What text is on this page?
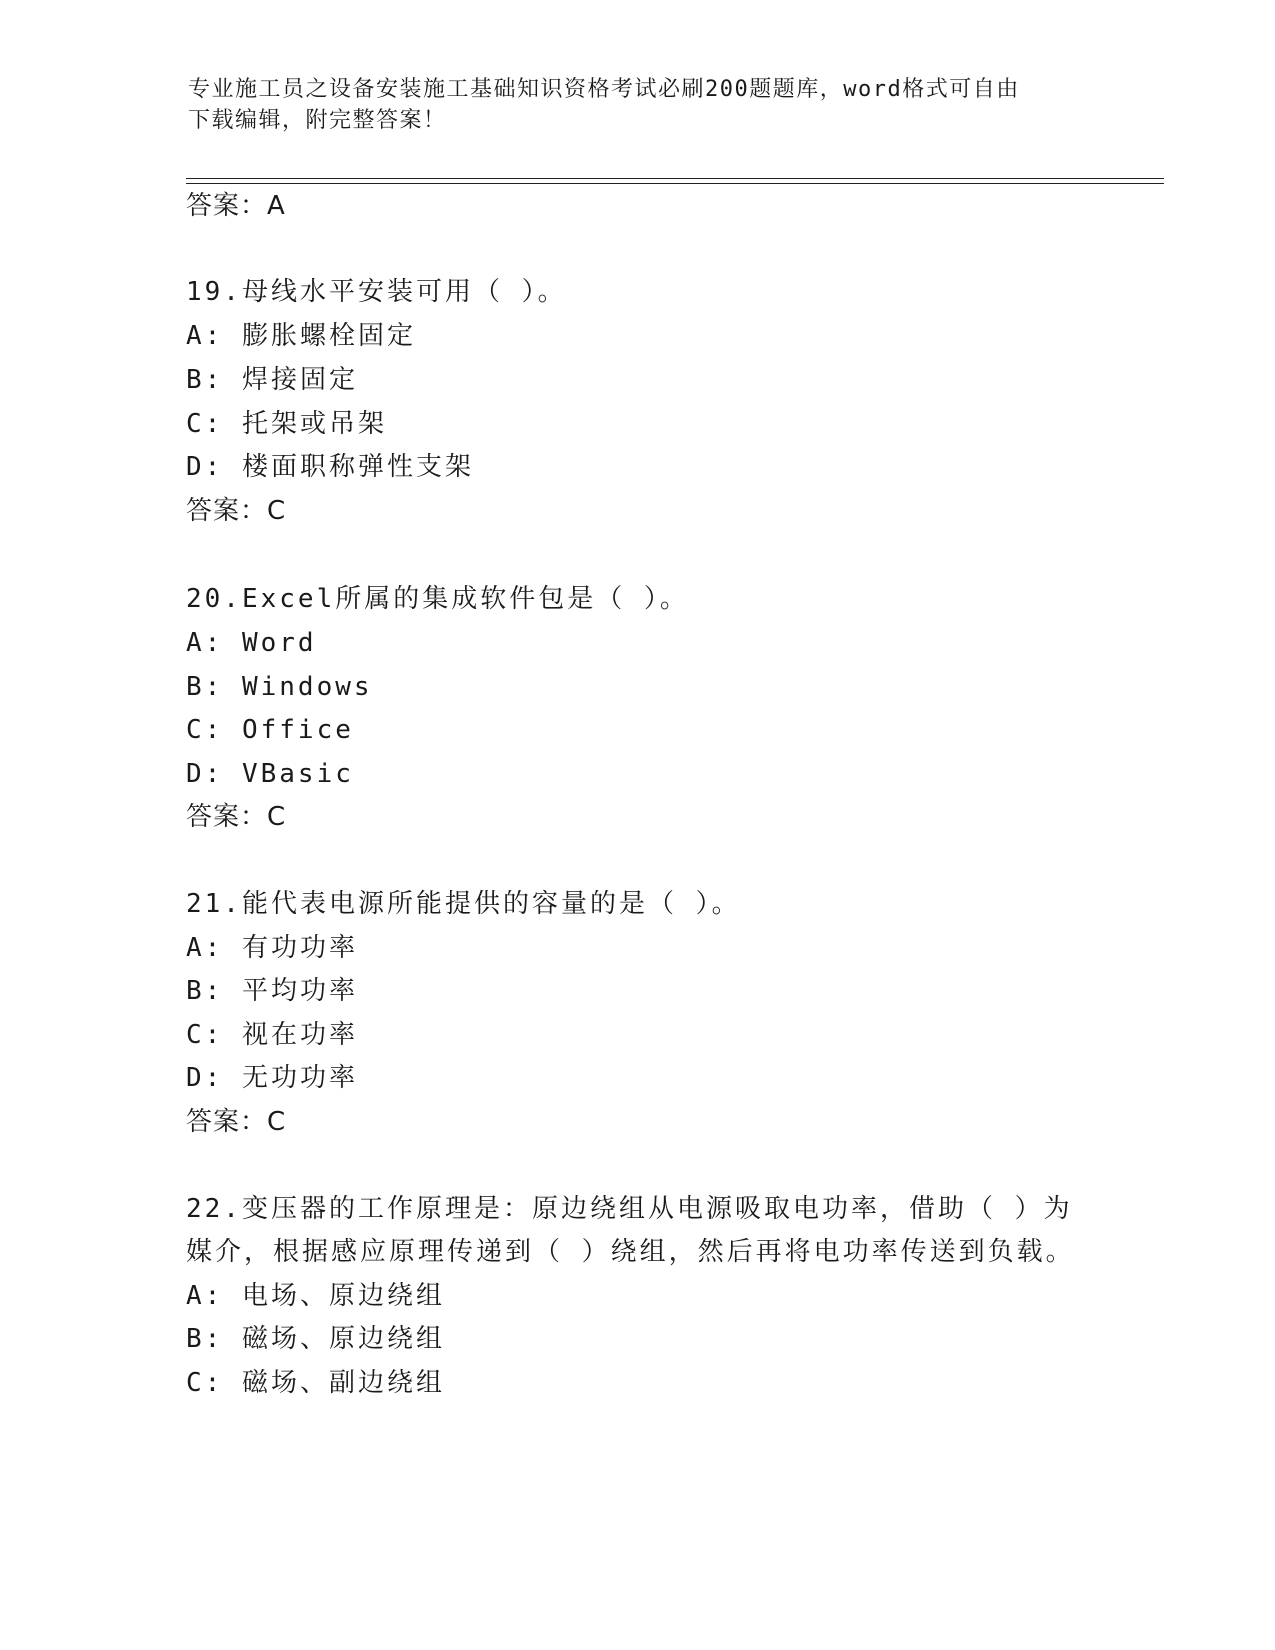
专业施工员之设备安装施工基础知识资格考试必刷200题题库，word格式可自由
下载编辑，附完整答案！
答案：A
19.母线水平安装可用（ ）。
A: 膨胀螺栓固定
B: 焊接固定
C: 托架或吊架
D: 楼面职称弹性支架
答案：C
20.Excel所属的集成软件包是（ ）。
A: Word
B: Windows
C: Office
D: VBasic
答案：C
21.能代表电源所能提供的容量的是（ ）。
A: 有功功率
B: 平均功率
C: 视在功率
D: 无功功率
答案：C
22.变压器的工作原理是：原边绕组从电源吸取电功率，借助（ ）为
媒介，根据感应原理传递到（ ）绕组，然后再将电功率传送到负载。
A: 电场、原边绕组
B: 磁场、原边绕组
C: 磁场、副边绕组
